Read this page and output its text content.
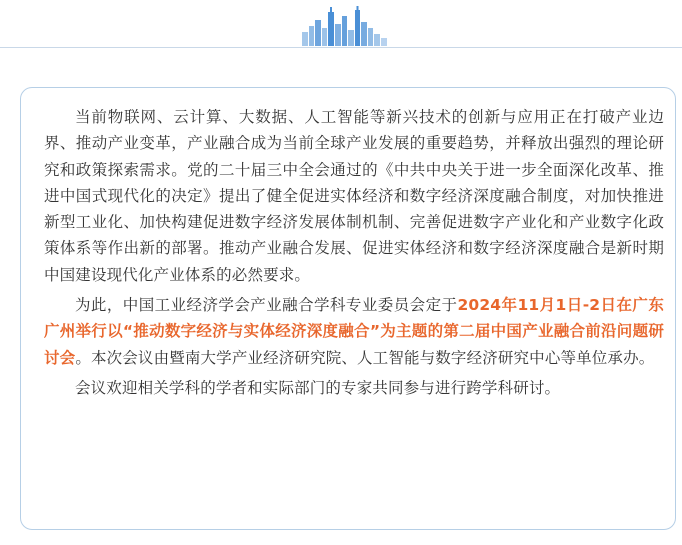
当前物联网、云计算、大数据、人工智能等新兴技术的创新与应用正在打破产业边界、推动产业变革，产业融合成为当前全球产业发展的重要趋势，并释放出强烈的理论研究和政策探索需求。党的二十届三中全会通过的《中共中央关于进一步全面深化改革、推进中国式现代化的决定》提出了健全促进实体经济和数字经济深度融合制度，对加快推进新型工业化、加快构建促进数字经济发展体制机制、完善促进数字产业化和产业数字化政策体系等作出新的部署。推动产业融合发展、促进实体经济和数字经济深度融合是新时期中国建设现代化产业体系的必然要求。

为此，中国工业经济学会产业融合学科专业委员会定于2024年11月1日-2日在广东广州举行以“推动数字经济与实体经济深度融合”为主题的第二届中国产业融合前沿问题研讨会。本次会议由暨南大学产业经济研究院、人工智能与数字经济研究中心等单位承办。

会议欢迎相关学科的学者和实际部门的专家共同参与进行跨学科研讨。
